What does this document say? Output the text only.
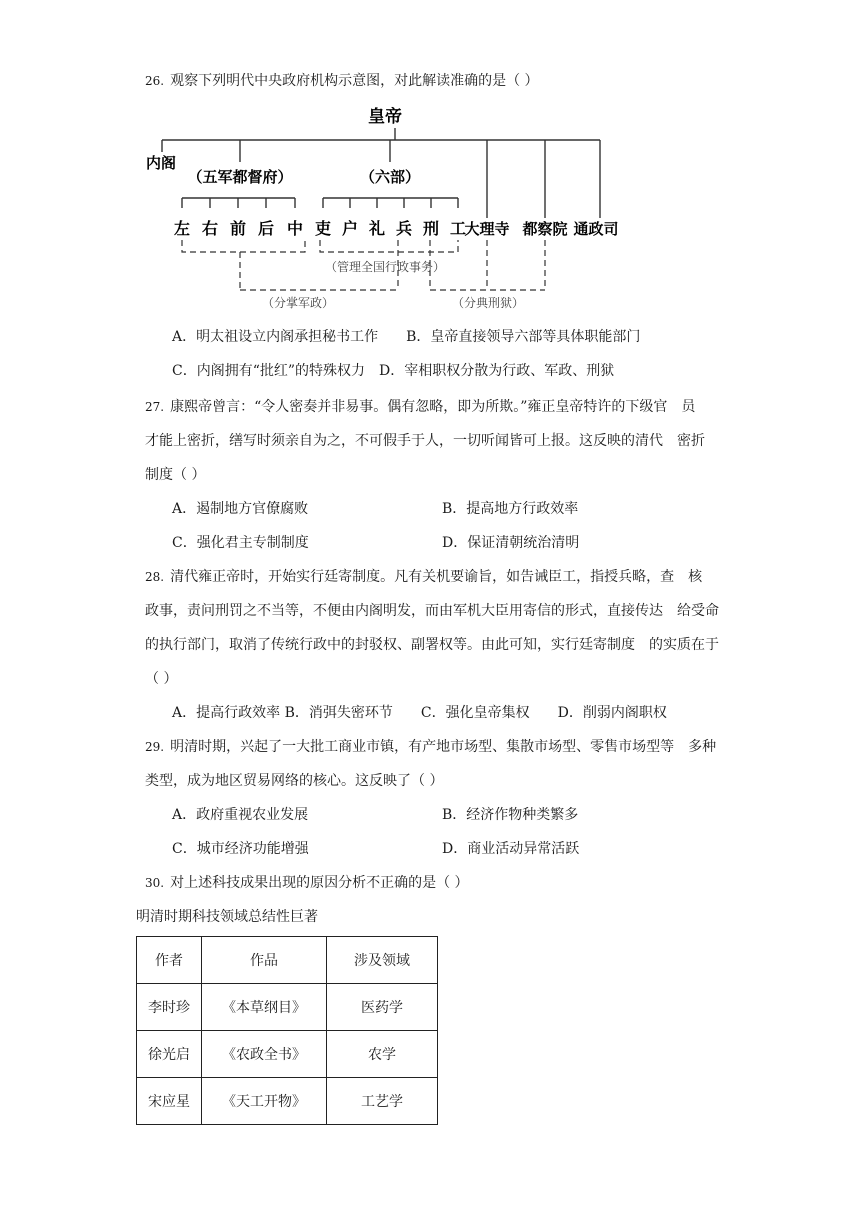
26. 观察下列明代中央政府机构示意图，对此解读准确的是（ ）
皇帝
内阁
（五军都督府）	（六部）
左 右 前 后 中 吏 户 礼 兵 刑 工
大理寺 都察院 通政司
（管理全国行政事务）
（分掌军政）	（分典刑狱）
A．明太祖设立内阁承担秘书工作　　 B．皇帝直接领导六部等具体职能部门
C．内阁拥有“批红”的特殊权力　 D．宰相职权分散为行政、军政、刑狱
27. 康熙帝曾言：“令人密奏并非易事。偶有忽略，即为所欺。”雍正皇帝特许的下级官　员
才能上密折，缮写时须亲自为之，不可假手于人，一切听闻皆可上报。这反映的清代　密折
制度（ ）
A．遏制地方官僚腐败	B．提高地方行政效率
C．强化君主专制制度	D．保证清朝统治清明
28. 清代雍正帝时，开始实行廷寄制度。凡有关机要谕旨，如告诫臣工，指授兵略，查　核
政事，责问刑罚之不当等，不便由内阁明发，而由军机大臣用寄信的形式，直接传达　给受命
的执行部门，取消了传统行政中的封驳权、副署权等。由此可知，实行廷寄制度　的实质在于
（ ）
A．提高行政效率 B．消弭失密环节　　 C．强化皇帝集权　　 D．削弱内阁职权
29. 明清时期，兴起了一大批工商业市镇，有产地市场型、集散市场型、零售市场型等　多种
类型，成为地区贸易网络的核心。这反映了（ ）
A．政府重视农业发展	B．经济作物种类繁多
C．城市经济功能增强	D．商业活动异常活跃
30. 对上述科技成果出现的原因分析不正确的是（ ）
明清时期科技领域总结性巨著
作者	作品	涉及领域
李时珍	《本草纲目》	医药学
徐光启	《农政全书》	农学
宋应星	《天工开物》	工艺学
